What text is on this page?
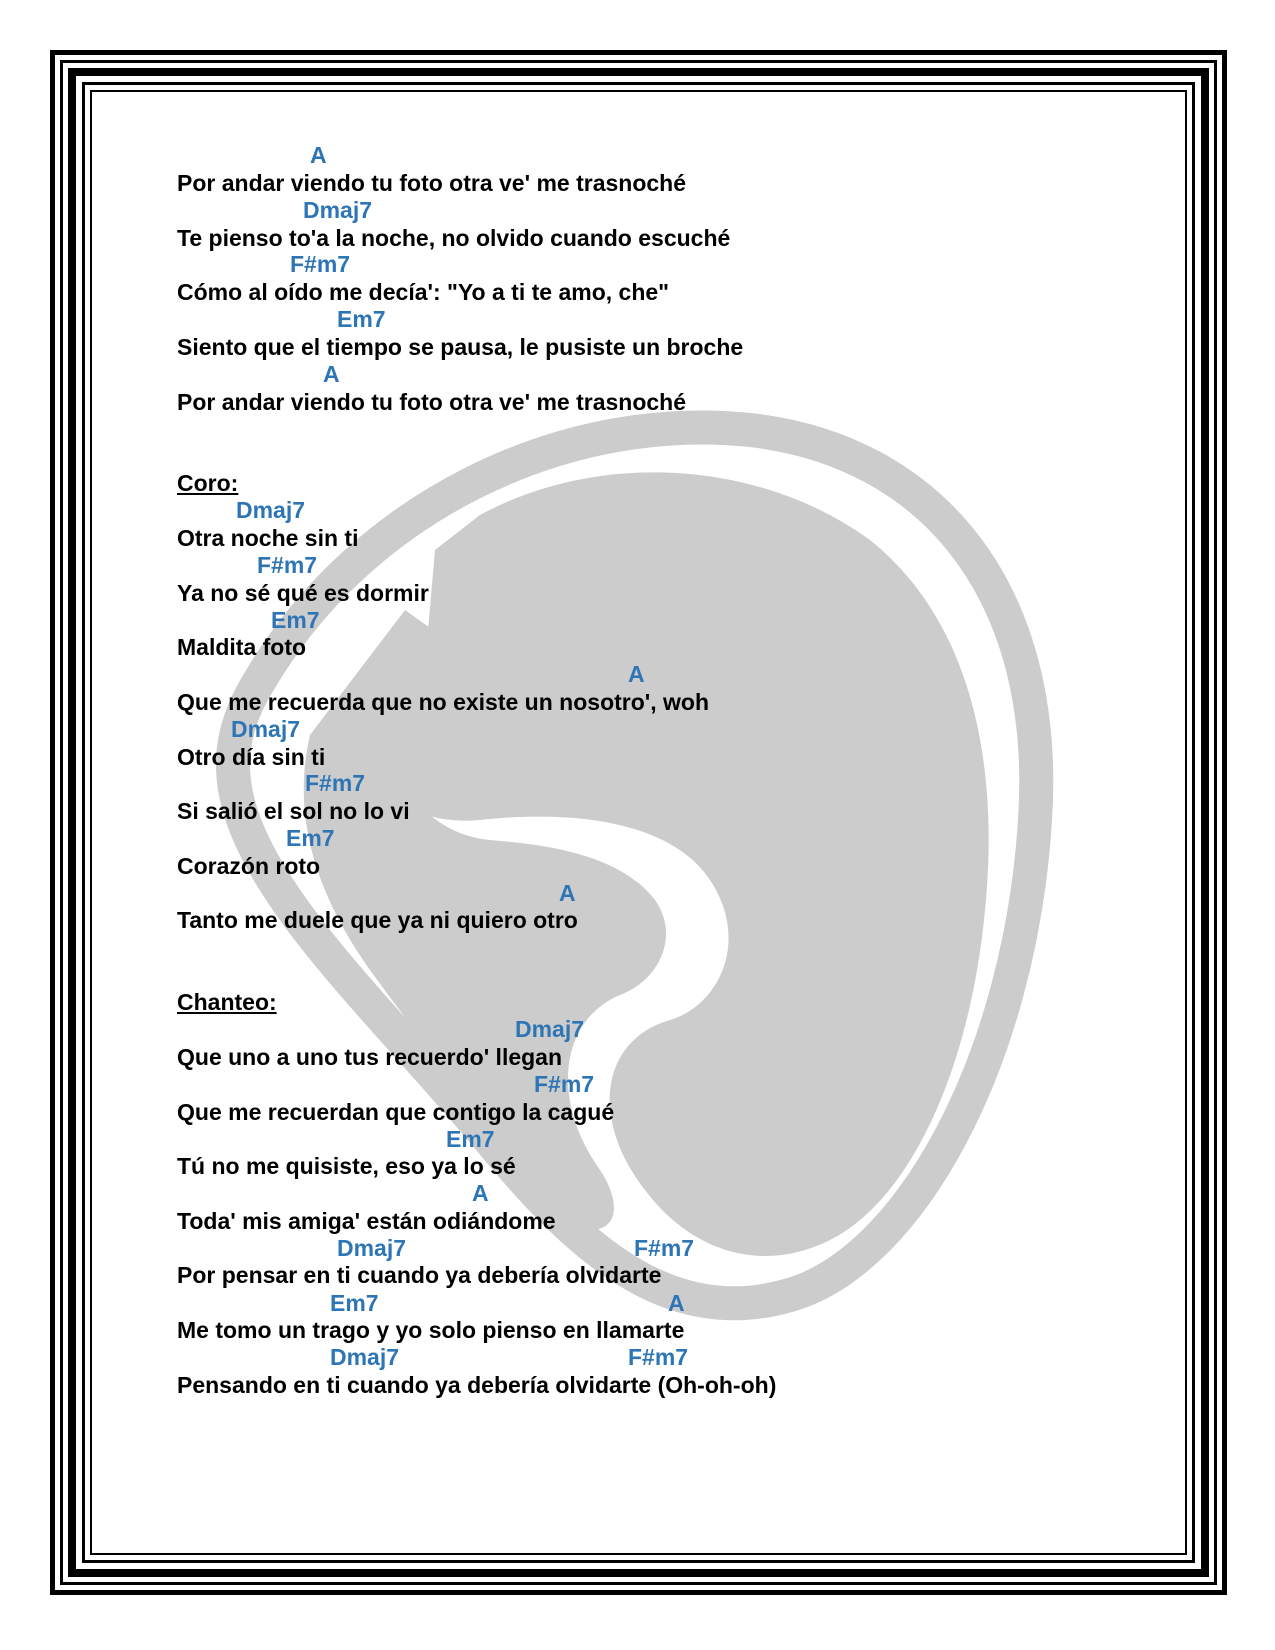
A
Por andar viendo tu foto otra ve' me trasnoché
Dmaj7
Te pienso to'a la noche, no olvido cuando escuché
F#m7
Cómo al oído me decía': "Yo a ti te amo, che"
Em7
Siento que el tiempo se pausa, le pusiste un broche
A
Por andar viendo tu foto otra ve' me trasnoché
Coro:
Dmaj7
Otra noche sin ti
F#m7
Ya no sé qué es dormir
Em7
Maldita foto
A
Que me recuerda que no existe un nosotro', woh
Dmaj7
Otro día sin ti
F#m7
Si salió el sol no lo vi
Em7
Corazón roto
A
Tanto me duele que ya ni quiero otro
Chanteo:
Dmaj7
Que uno a uno tus recuerdo' llegan
F#m7
Que me recuerdan que contigo la cagué
Em7
Tú no me quisiste, eso ya lo sé
A
Toda' mis amiga' están odiándome
Dmaj7	F#m7
Por pensar en ti cuando ya debería olvidarte
Em7	A
Me tomo un trago y yo solo pienso en llamarte
Dmaj7	F#m7
Pensando en ti cuando ya debería olvidarte (Oh-oh-oh)
